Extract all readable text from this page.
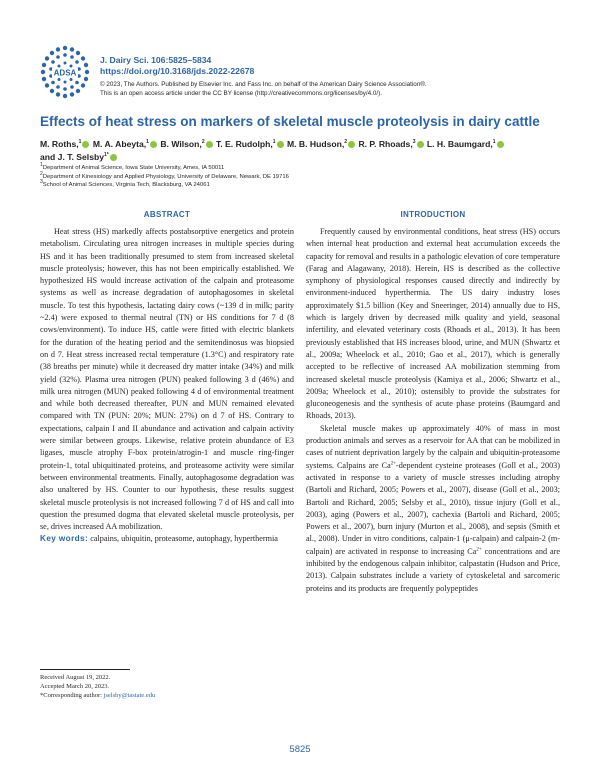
ADSA
J. Dairy Sci. 106:5825–5834
https://doi.org/10.3168/jds.2022-22678
© 2023, The Authors. Published by Elsevier Inc. and Fass Inc. on behalf of the American Dairy Science Association®.
This is an open access article under the CC BY license (http://creativecommons.org/licenses/by/4.0/).
Effects of heat stress on markers of skeletal muscle proteolysis in dairy cattle
M. Roths,$^1$ M. A. Abeyta,$^1$ B. Wilson,$^2$ T. E. Rudolph,$^1$ M. B. Hudson,$^2$ R. P. Rhoads,$^3$ L. H. Baumgard,$^1$ and J. T. Selsby$^{1*}$
$^1$Department of Animal Science, Iowa State University, Ames, IA 50011
$^2$Department of Kinesiology and Applied Physiology, University of Delaware, Newark, DE 19716
$^3$School of Animal Sciences, Virginia Tech, Blacksburg, VA 24061
ABSTRACT

Heat stress (HS) markedly affects postabsorptive energetics and protein metabolism. Circulating urea nitrogen increases in multiple species during HS and it has been traditionally presumed to stem from increased skeletal muscle proteolysis; however, this has not been empirically established. We hypothesized HS would increase activation of the calpain and proteasome systems as well as increase degradation of autophagosomes in skeletal muscle. To test this hypothesis, lactating dairy cows (~139 d in milk; parity ~2.4) were exposed to thermal neutral (TN) or HS conditions for 7 d (8 cows/environment). To induce HS, cattle were fitted with electric blankets for the duration of the heating period and the semitendinosus was biopsied on d 7. Heat stress increased rectal temperature (1.3°C) and respiratory rate (38 breaths per minute) while it decreased dry matter intake (34%) and milk yield (32%). Plasma urea nitrogen (PUN) peaked following 3 d (46%) and milk urea nitrogen (MUN) peaked following 4 d of environmental treatment and while both decreased thereafter, PUN and MUN remained elevated compared with TN (PUN: 20%; MUN: 27%) on d 7 of HS. Contrary to expectations, calpain I and II abundance and activation and calpain activity were similar between groups. Likewise, relative protein abundance of E3 ligases, muscle atrophy F-box protein/atrogin-1 and muscle ring-finger protein-1, total ubiquitinated proteins, and proteasome activity were similar between environmental treatments. Finally, autophagosome degradation was also unaltered by HS. Counter to our hypothesis, these results suggest skeletal muscle proteolysis is not increased following 7 d of HS and call into question the presumed dogma that elevated skeletal muscle proteolysis, per se, drives increased AA mobilization.

Key words: calpains, ubiquitin, proteasome, autophagy, hyperthermia

Received August 19, 2022.
Accepted March 20, 2023.
*Corresponding author: jselsby@iastate.edu
INTRODUCTION

Frequently caused by environmental conditions, heat stress (HS) occurs when internal heat production and external heat accumulation exceeds the capacity for removal and results in a pathologic elevation of core temperature (Farag and Alagawany, 2018). Herein, HS is described as the collective symphony of physiological responses caused directly and indirectly by environment-induced hyperthermia. The US dairy industry loses approximately $1.5 billion (Key and Sneeringer, 2014) annually due to HS, which is largely driven by decreased milk quality and yield, seasonal infertility, and elevated veterinary costs (Rhoads et al., 2013). It has been previously established that HS increases blood, urine, and MUN (Shwartz et al., 2009a; Wheelock et al., 2010; Gao et al., 2017), which is generally accepted to be reflective of increased AA mobilization stemming from increased skeletal muscle proteolysis (Kamiya et al., 2006; Shwartz et al., 2009a; Wheelock et al., 2010); ostensibly to provide the substrates for gluconeogenesis and the synthesis of acute phase proteins (Baumgard and Rhoads, 2013).

Skeletal muscle makes up approximately 40% of mass in most production animals and serves as a reservoir for AA that can be mobilized in cases of nutrient deprivation largely by the calpain and ubiquitin-proteasome systems. Calpains are $Ca^{2+}$-dependent cysteine proteases (Goll et al., 2003) activated in response to a variety of muscle stresses including atrophy (Bartoli and Richard, 2005; Powers et al., 2007), disease (Goll et al., 2003; Bartoli and Richard, 2005; Selsby et al., 2010), tissue injury (Goll et al., 2003), aging (Powers et al., 2007), cachexia (Bartoli and Richard, 2005; Powers et al., 2007), burn injury (Murton et al., 2008), and sepsis (Smith et al., 2008). Under in vitro conditions, calpain-1 (μ-calpain) and calpain-2 (m-calpain) are activated in response to increasing $Ca^{2+}$ concentrations and are inhibited by the endogenous calpain inhibitor, calpastatin (Hudson and Price, 2013). Calpain substrates include a variety of cytoskeletal and sarcomeric proteins and its products are frequently polypeptides

5825
